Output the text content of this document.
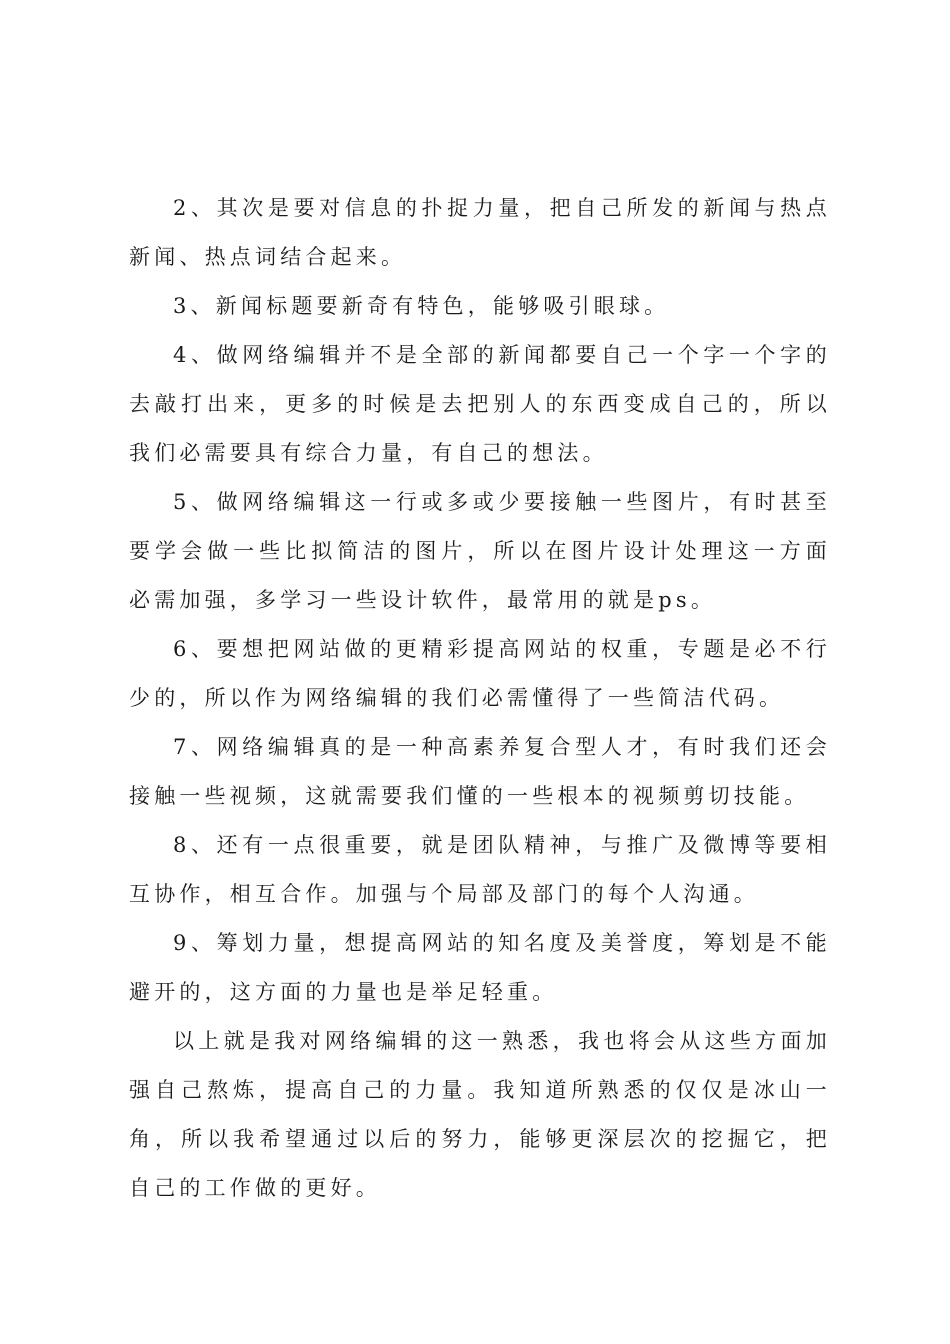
2、其次是要对信息的扑捉力量，把自己所发的新闻与热点新闻、热点词结合起来。

3、新闻标题要新奇有特色，能够吸引眼球。

4、做网络编辑并不是全部的新闻都要自己一个字一个字的去敲打出来，更多的时候是去把别人的东西变成自己的，所以我们必需要具有综合力量，有自己的想法。

5、做网络编辑这一行或多或少要接触一些图片，有时甚至要学会做一些比拟简洁的图片，所以在图片设计处理这一方面必需加强，多学习一些设计软件，最常用的就是ps。

6、要想把网站做的更精彩提高网站的权重，专题是必不行少的，所以作为网络编辑的我们必需懂得了一些简洁代码。

7、网络编辑真的是一种高素养复合型人才，有时我们还会接触一些视频，这就需要我们懂的一些根本的视频剪切技能。

8、还有一点很重要，就是团队精神，与推广及微博等要相互协作，相互合作。加强与个局部及部门的每个人沟通。

9、筹划力量，想提高网站的知名度及美誉度，筹划是不能避开的，这方面的力量也是举足轻重。

以上就是我对网络编辑的这一熟悉，我也将会从这些方面加强自己熬炼，提高自己的力量。我知道所熟悉的仅仅是冰山一角，所以我希望通过以后的努力，能够更深层次的挖掘它，把自己的工作做的更好。
